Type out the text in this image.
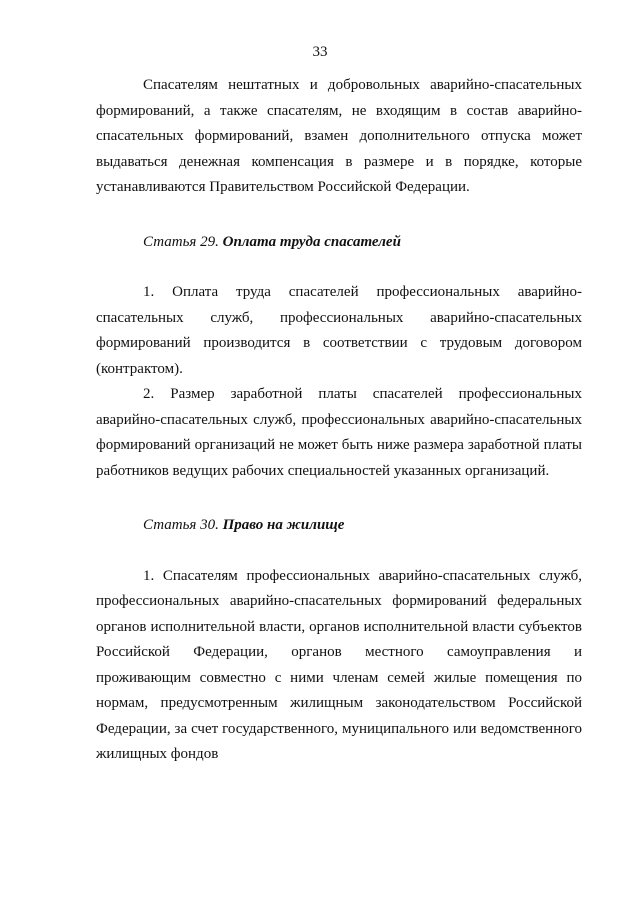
33

Спасателям нештатных и добровольных аварийно-спасательных формирований, а также спасателям, не входящим в состав аварийно-спасательных формирований, взамен дополнительного отпуска может выдаваться денежная компенсация в размере и в порядке, которые устанавливаются Правительством Российской Федерации.

Статья 29. Оплата труда спасателей

1. Оплата труда спасателей профессиональных аварийно-спасательных служб, профессиональных аварийно-спасательных формирований производится в соответствии с трудовым договором (контрактом).

2. Размер заработной платы спасателей профессиональных аварийно-спасательных служб, профессиональных аварийно-спасательных формирований организаций не может быть ниже размера заработной платы работников ведущих рабочих специальностей указанных организаций.

Статья 30. Право на жилище

1. Спасателям профессиональных аварийно-спасательных служб, профессиональных аварийно-спасательных формирований федеральных органов исполнительной власти, органов исполнительной власти субъектов Российской Федерации, органов местного самоуправления и проживающим совместно с ними членам семей жилые помещения по нормам, предусмотренным жилищным законодательством Российской Федерации, за счет государственного, муниципального или ведомственного жилищных фондов
